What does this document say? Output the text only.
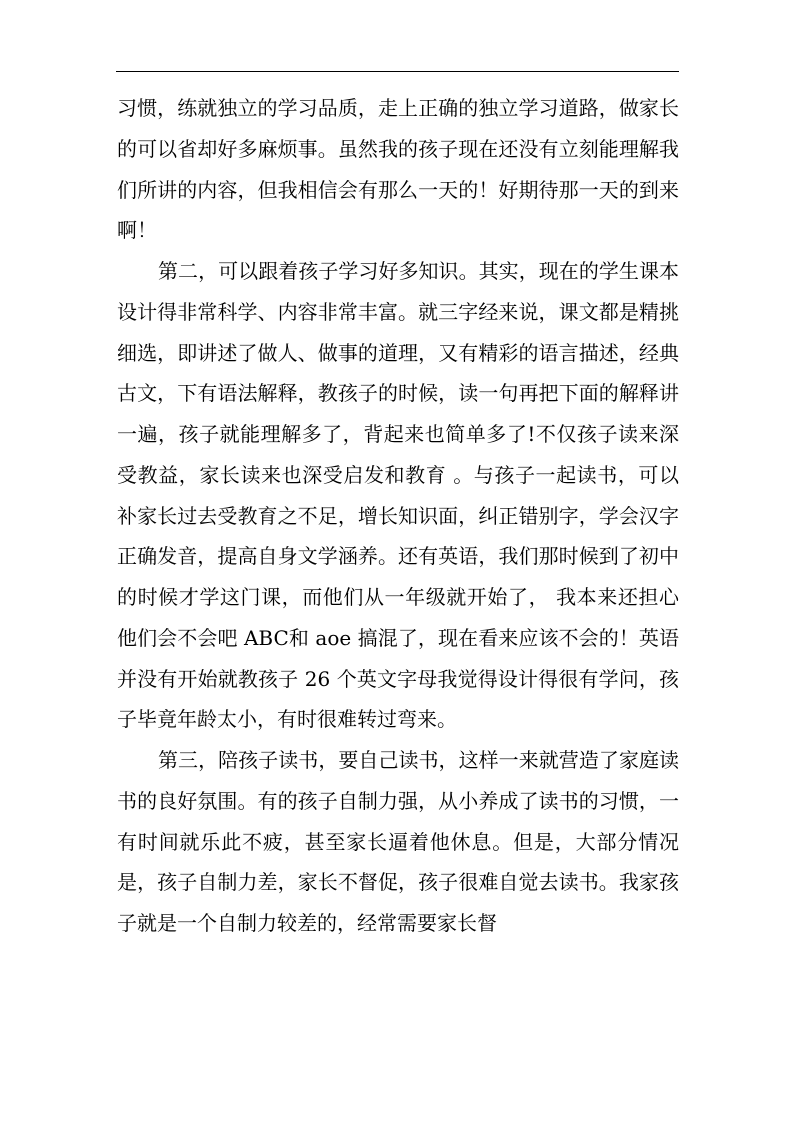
习惯，练就独立的学习品质，走上正确的独立学习道路，做家长的可以省却好多麻烦事。虽然我的孩子现在还没有立刻能理解我们所讲的内容，但我相信会有那么一天的！好期待那一天的到来啊！

第二，可以跟着孩子学习好多知识。其实，现在的学生课本设计得非常科学、内容非常丰富。就三字经来说，课文都是精挑细选，即讲述了做人、做事的道理，又有精彩的语言描述，经典古文，下有语法解释，教孩子的时候，读一句再把下面的解释讲一遍，孩子就能理解多了，背起来也简单多了!不仅孩子读来深受教益，家长读来也深受启发和教育 。与孩子一起读书，可以补家长过去受教育之不足，增长知识面，纠正错别字，学会汉字正确发音，提高自身文学涵养。还有英语，我们那时候到了初中的时候才学这门课，而他们从一年级就开始了， 我本来还担心他们会不会吧 ABC和 aoe 搞混了，现在看来应该不会的！英语并没有开始就教孩子 26 个英文字母我觉得设计得很有学问，孩子毕竟年龄太小，有时很难转过弯来。

第三，陪孩子读书，要自己读书，这样一来就营造了家庭读书的良好氛围。有的孩子自制力强，从小养成了读书的习惯，一有时间就乐此不疲，甚至家长逼着他休息。但是，大部分情况是，孩子自制力差，家长不督促，孩子很难自觉去读书。我家孩子就是一个自制力较差的，经常需要家长督
